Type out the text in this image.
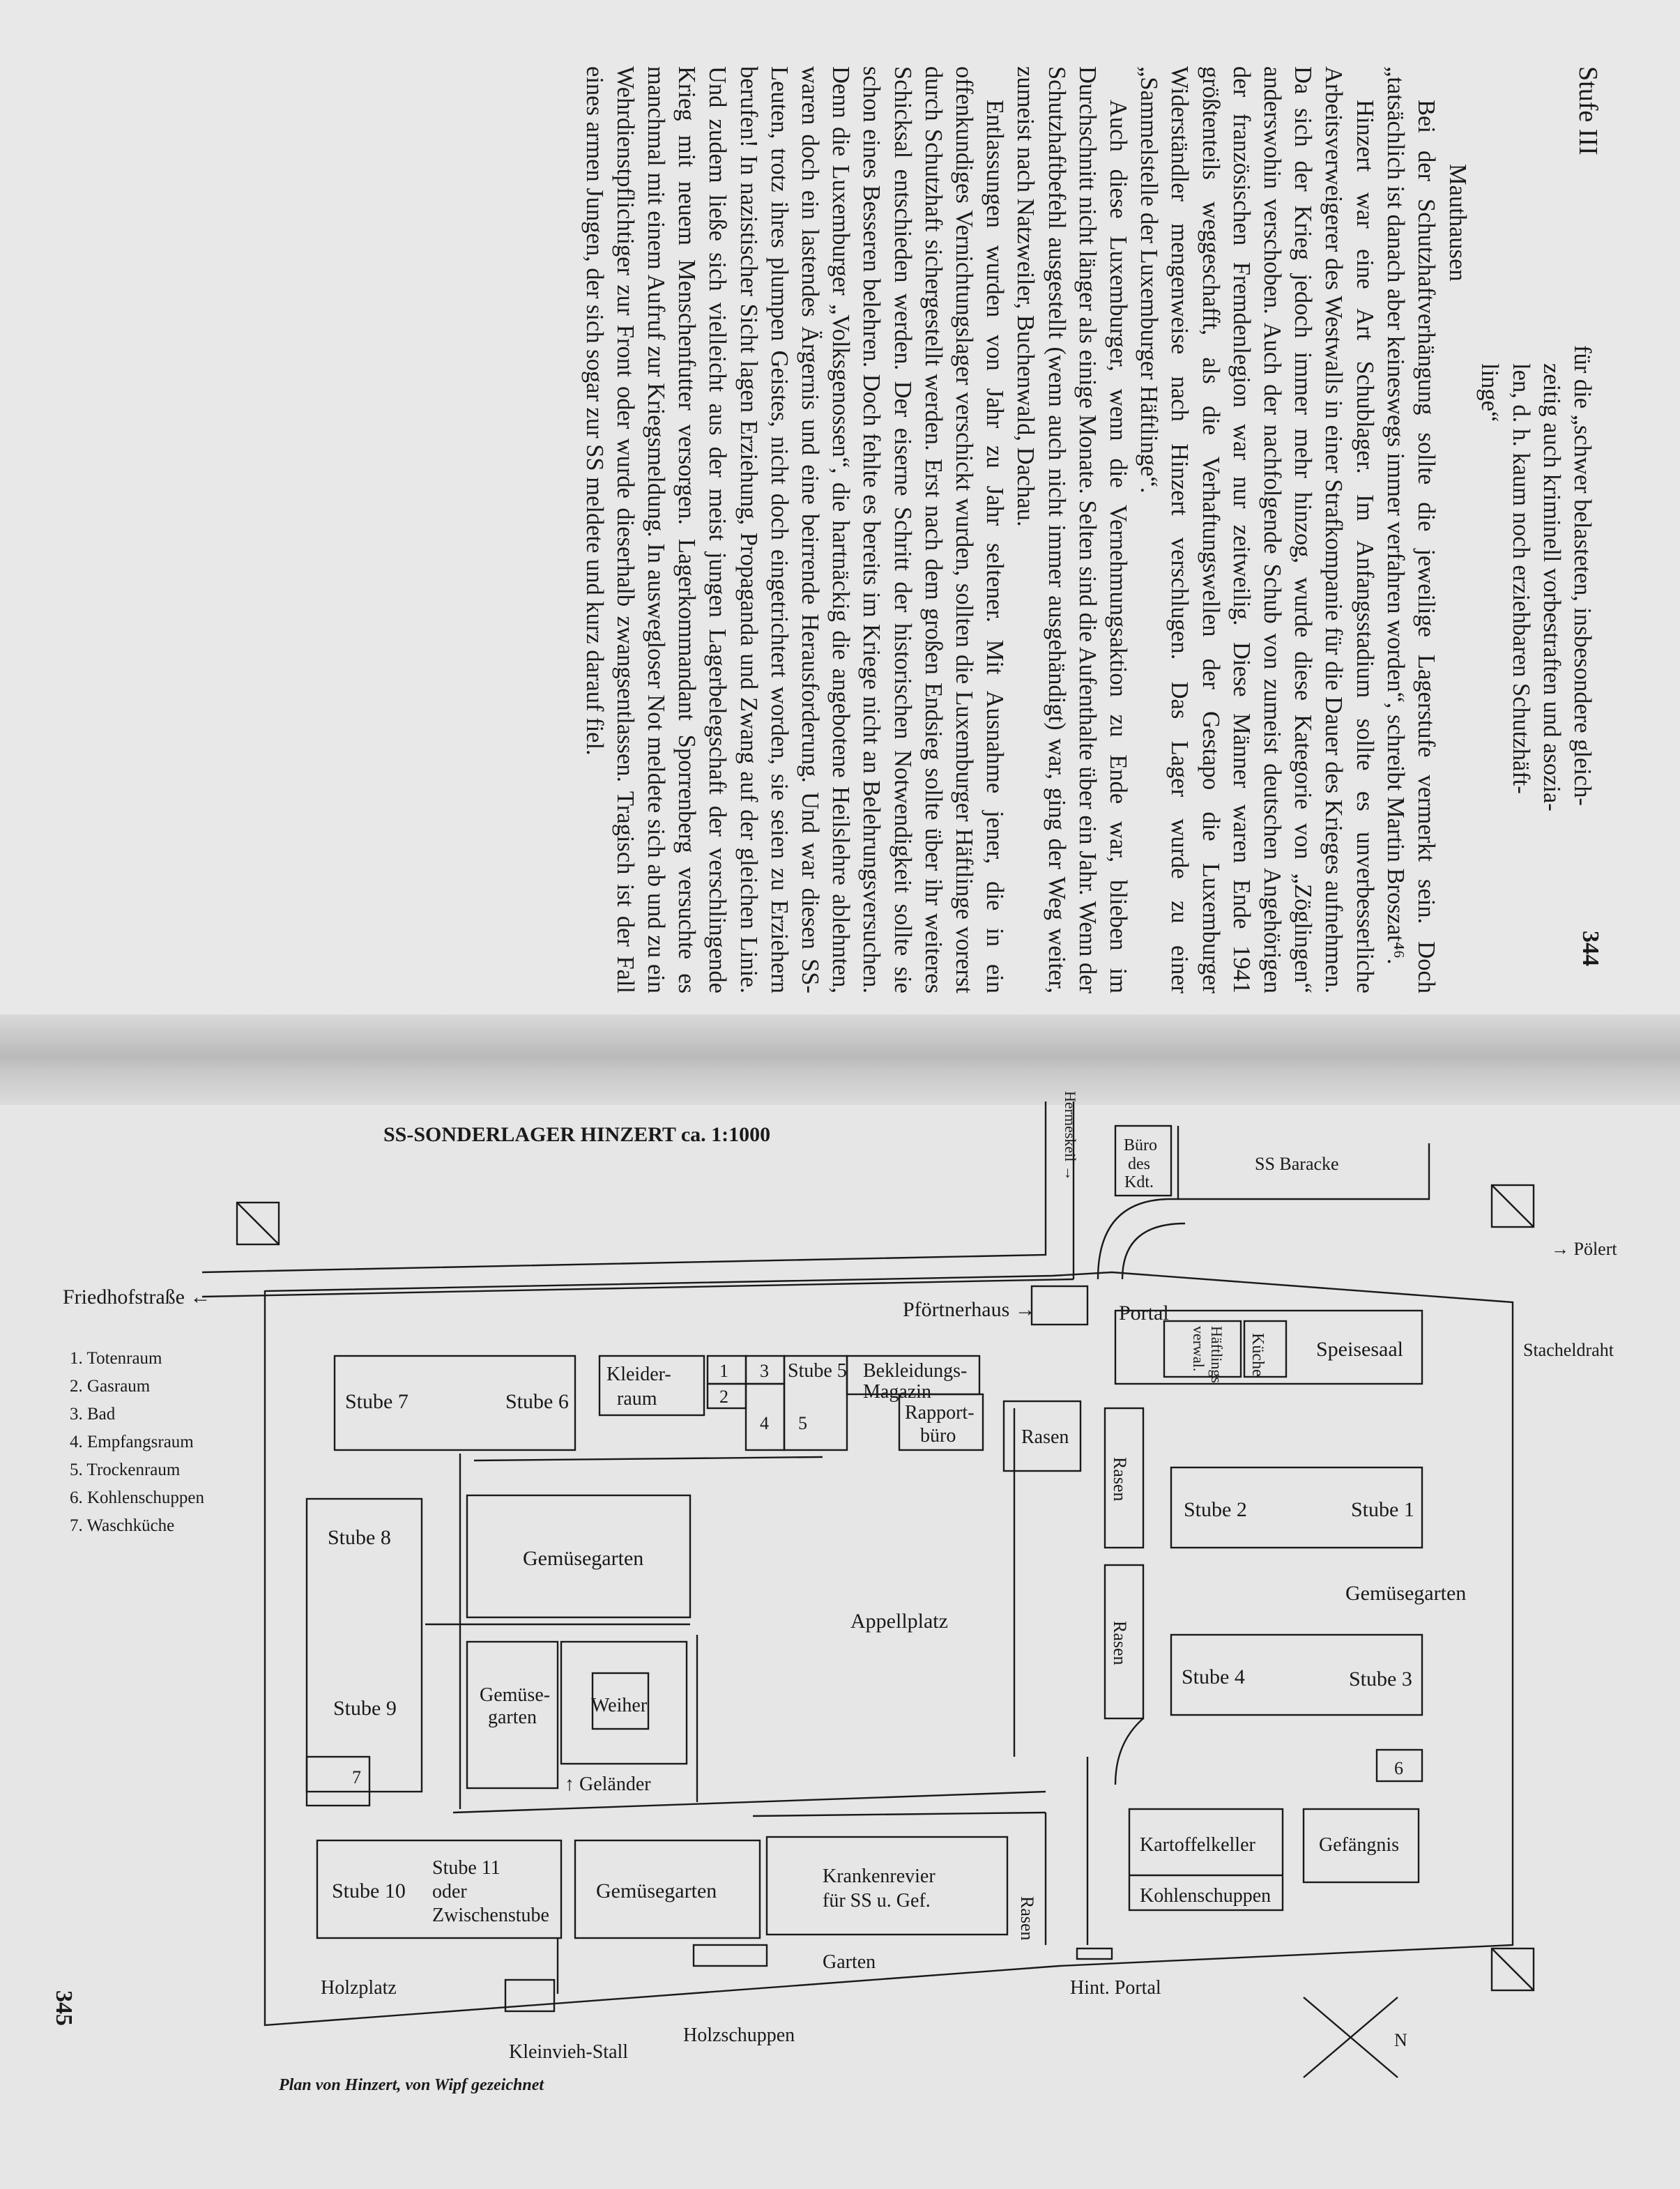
Stufe III
344
für die „schwer belasteten, insbesondere gleich-
zeitig auch kriminell vorbestraften und asozia-
len, d. h. kaum noch erziehbaren Schutzhäft-
linge“
Mauthausen

Bei der Schutzhaftverhängung sollte die jeweilige Lagerstufe vermerkt sein. Doch „tatsächlich ist danach aber keineswegs immer verfahren worden“, schreibt Martin Broszat⁴⁶.

Hinzert war eine Art Schublager. Im Anfangsstadium sollte es unverbesserliche Arbeitsverweigerer des Westwalls in einer Strafkompanie für die Dauer des Krieges aufnehmen. Da sich der Krieg jedoch immer mehr hinzog, wurde diese Kategorie von „Zöglingen“ anderswohin verschoben. Auch der nachfolgende Schub von zumeist deutschen Angehörigen der französischen Fremdenlegion war nur zeitweilig. Diese Männer waren Ende 1941 größtenteils weggeschafft, als die Verhaftungswellen der Gestapo die Luxemburger Widerständler mengenweise nach Hinzert verschlugen. Das Lager wurde zu einer „Sammelstelle der Luxemburger Häftlinge“.

Auch diese Luxemburger, wenn die Vernehmungsaktion zu Ende war, blieben im Durchschnitt nicht länger als einige Monate. Selten sind die Aufenthalte über ein Jahr. Wenn der Schutzhaftbefehl ausgestellt (wenn auch nicht immer ausgehändigt) war, ging der Weg weiter, zumeist nach Natzweiler, Buchenwald, Dachau.

Entlassungen wurden von Jahr zu Jahr seltener. Mit Ausnahme jener, die in ein offenkundiges Vernichtungslager verschickt wurden, sollten die Luxemburger Häftlinge vorerst durch Schutzhaft sichergestellt werden. Erst nach dem großen Endsieg sollte über ihr weiteres Schicksal entschieden werden. Der eiserne Schritt der historischen Notwendigkeit sollte sie schon eines Besseren belehren. Doch fehlte es bereits im Kriege nicht an Belehrungsversuchen. Denn die Luxemburger „Volksgenossen“, die hartnäckig die angebotene Heilslehre ablehnten, waren doch ein lastendes Ärgernis und eine beirrende Herausforderung. Und war diesen SS-Leuten, trotz ihres plumpen Geistes, nicht doch eingetrichtert worden, sie seien zu Erziehern berufen! In nazistischer Sicht lagen Erziehung, Propaganda und Zwang auf der gleichen Linie. Und zudem ließe sich vielleicht aus der meist jungen Lagerbelegschaft der verschlingende Krieg mit neuem Menschenfutter versorgen. Lagerkommandant Sporrenberg versuchte es manchmal mit einem Aufruf zur Kriegsmeldung. In auswegloser Not meldete sich ab und zu ein Wehrdienstpflichtiger zur Front oder wurde dieserhalb zwangsentlassen. Tragisch ist der Fall eines armen Jungen, der sich sogar zur SS meldete und kurz darauf fiel.

SS-SONDERLAGER HINZERT ca. 1:1000
Friedhofstraße ←
Pförtnerhaus →	Portal
Büro
des
Kdt.
SS Baracke
→ Pölert
Stacheldraht
Speisesaal
Küche
Häftlings
verwal.
1. Totenraum
2. Gasraum
3. Bad
4. Empfangsraum
5. Trockenraum
6. Kohlenschuppen
7. Waschküche
Stube 7	Stube 6
Kleider-
raum
1 3
2
4 5
Stube 5 Bekleidungs-
Magazin
Rapport-
büro	Rasen
Rasen
Rasen
Rasen
Stube 8
Gemüsegarten
Appellplatz
Stube 2	Stube 1
Gemüsegarten
Stube 4	Stube 3
6
Stube 9
7
Gemüse-
garten
Weiher
↑ Geländer
Kartoffelkeller	Gefängnis
Kohlenschuppen
Stube 10
Stube 11
oder
Zwischenstube
Gemüsegarten
Krankenrevier
für SS u. Gef.
Garten
Holzplatz
Holzschuppen
Kleinvieh-Stall
Hint. Portal
N
Hermeskeil →
Plan von Hinzert, von Wipf gezeichnet
345
